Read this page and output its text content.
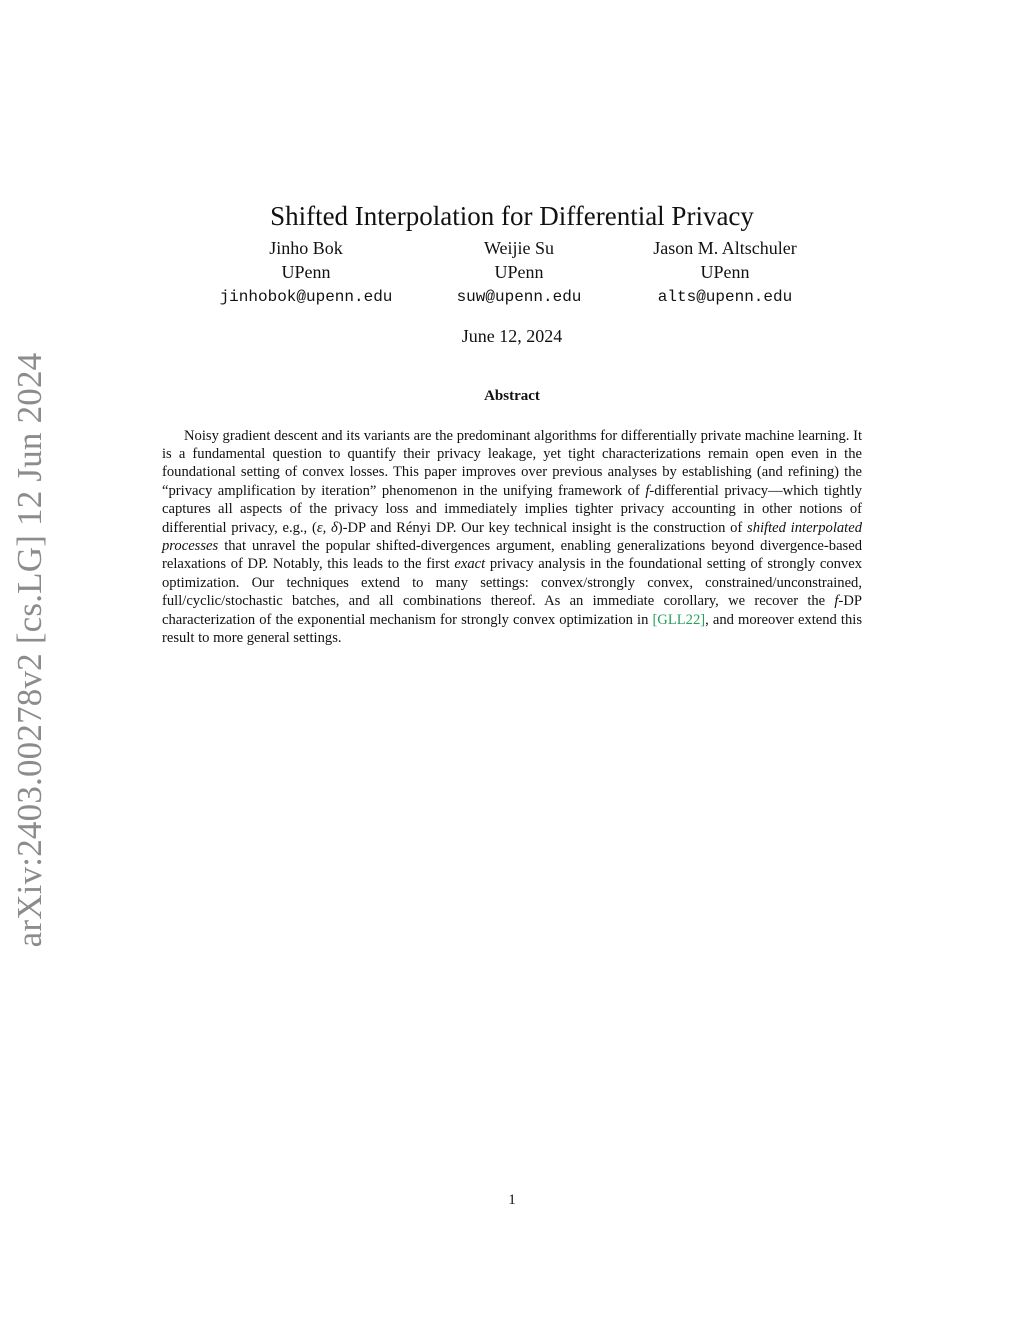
arXiv:2403.00278v2 [cs.LG] 12 Jun 2024
Shifted Interpolation for Differential Privacy
Jinho Bok
UPenn
jinhobok@upenn.edu
Weijie Su
UPenn
suw@upenn.edu
Jason M. Altschuler
UPenn
alts@upenn.edu
June 12, 2024
Abstract

Noisy gradient descent and its variants are the predominant algorithms for differentially private machine learning. It is a fundamental question to quantify their privacy leakage, yet tight characterizations remain open even in the foundational setting of convex losses. This paper improves over previous analyses by establishing (and refining) the “privacy amplification by iteration” phenomenon in the unifying framework of f-differential privacy—which tightly captures all aspects of the privacy loss and immediately implies tighter privacy accounting in other notions of differential privacy, e.g., (ε, δ)-DP and Rényi DP. Our key technical insight is the construction of shifted interpolated processes that unravel the popular shifted-divergences argument, enabling generalizations beyond divergence-based relaxations of DP. Notably, this leads to the first exact privacy analysis in the foundational setting of strongly convex optimization. Our techniques extend to many settings: convex/strongly convex, constrained/unconstrained, full/cyclic/stochastic batches, and all combinations thereof. As an immediate corollary, we recover the f-DP characterization of the exponential mechanism for strongly convex optimization in [GLL22], and moreover extend this result to more general settings.

1
